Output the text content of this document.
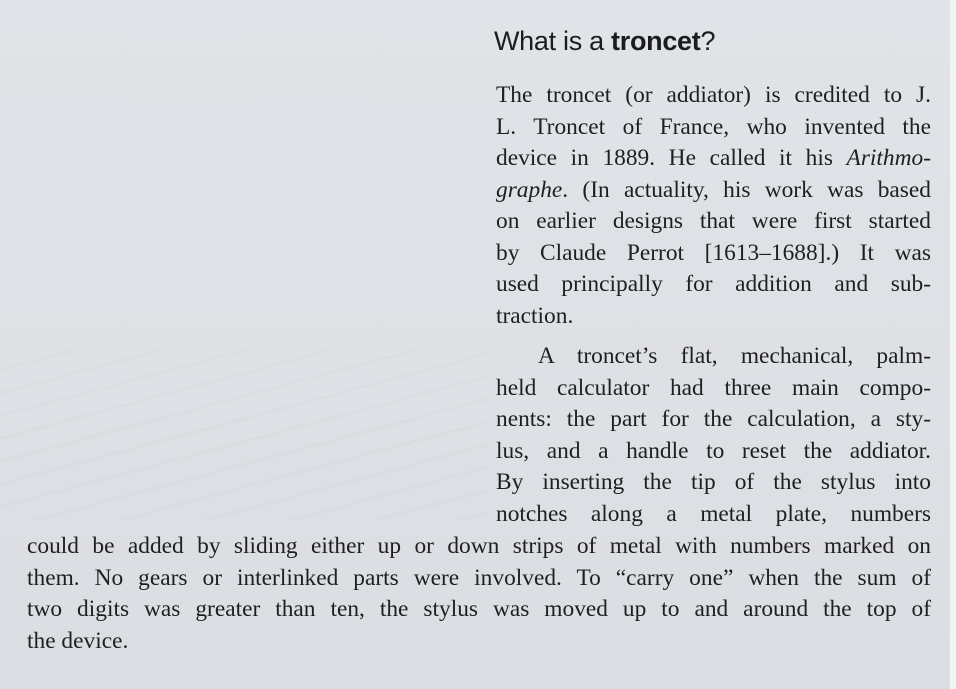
What is a troncet?
The troncet (or addiator) is credited to J.
L. Troncet of France, who invented the
device in 1889. He called it his Arithmo-
graphe. (In actuality, his work was based
on earlier designs that were first started
by Claude Perrot [1613–1688].) It was
used principally for addition and sub-
traction.
A troncet’s flat, mechanical, palm-
held calculator had three main compo-
nents: the part for the calculation, a sty-
lus, and a handle to reset the addiator.
By inserting the tip of the stylus into
notches along a metal plate, numbers
could be added by sliding either up or down strips of metal with numbers marked on
them. No gears or interlinked parts were involved. To “carry one” when the sum of
two digits was greater than ten, the stylus was moved up to and around the top of
the device.
